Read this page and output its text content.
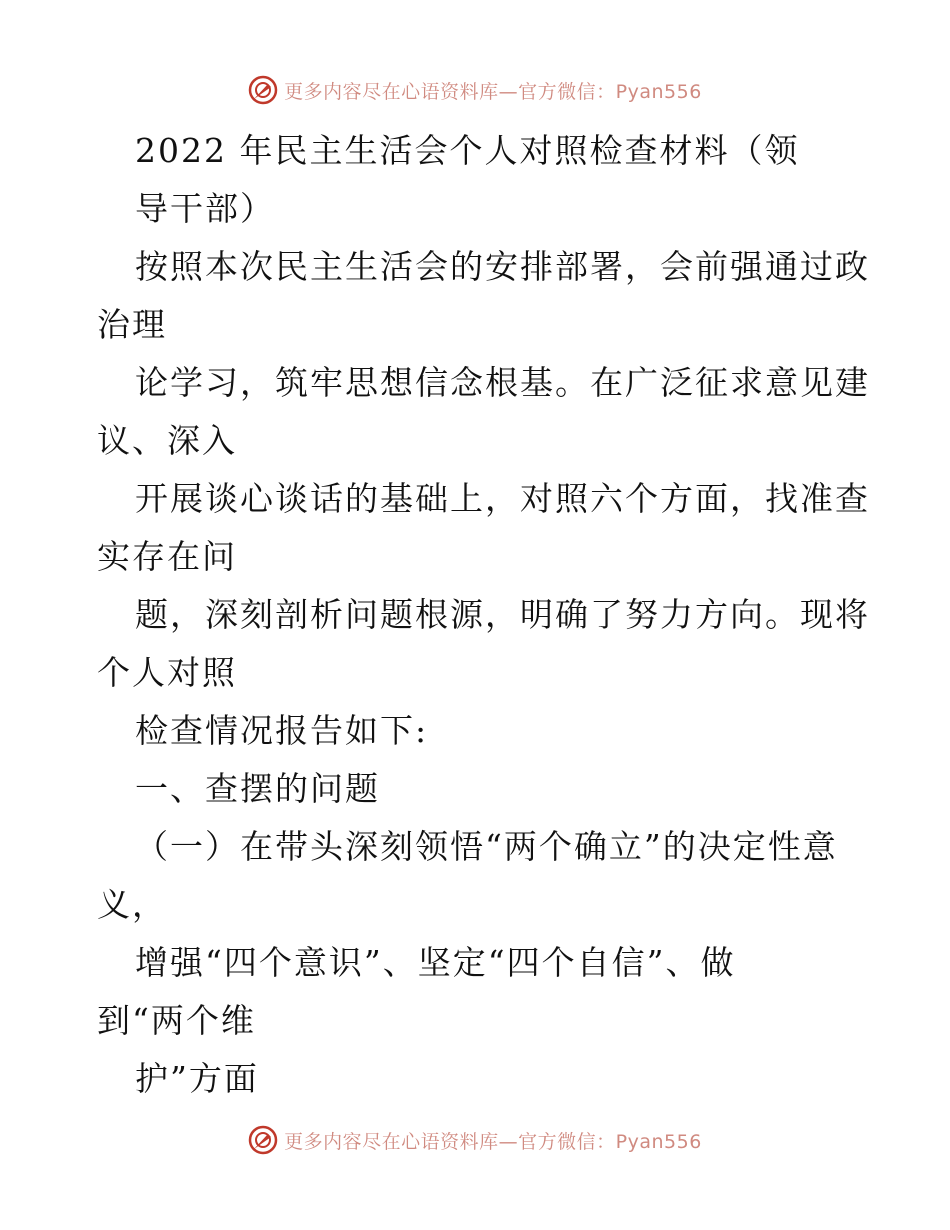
更多内容尽在心语资料库—官方微信：Pyan556
2022 年民主生活会个人对照检查材料（领
导干部）
按照本次民主生活会的安排部署，会前强通过政
治理
论学习，筑牢思想信念根基。在广泛征求意见建
议、深入
开展谈心谈话的基础上，对照六个方面，找准查
实存在问
题，深刻剖析问题根源，明确了努力方向。现将
个人对照
检查情况报告如下:
一、查摆的问题
（一）在带头深刻领悟“两个确立”的决定性意
义，
增强“四个意识”、坚定“四个自信”、做
到“两个维
护”方面
更多内容尽在心语资料库—官方微信：Pyan556
